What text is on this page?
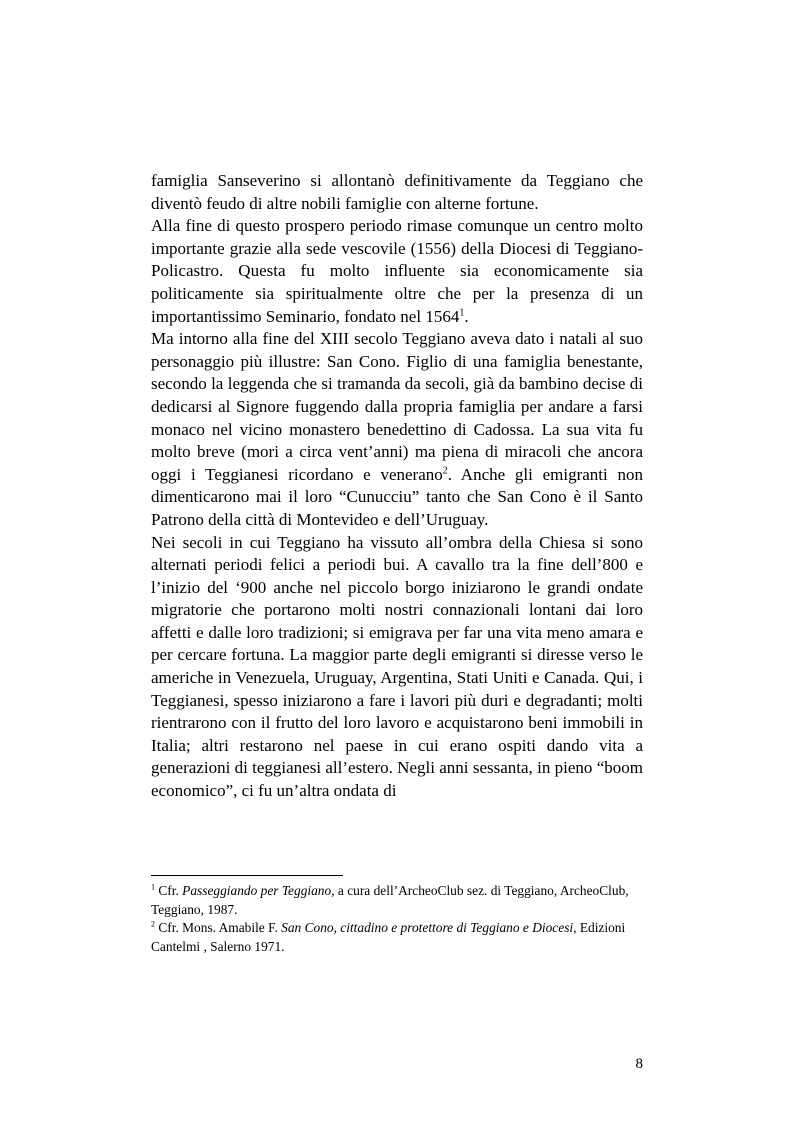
famiglia Sanseverino si allontanò definitivamente da Teggiano che diventò feudo di altre nobili famiglie con alterne fortune.

Alla fine di questo prospero periodo rimase comunque un centro molto importante grazie alla sede vescovile (1556) della Diocesi di Teggiano-Policastro. Questa fu molto influente sia economicamente sia politicamente sia spiritualmente oltre che per la presenza di un importantissimo Seminario, fondato nel 1564$^1$.

Ma intorno alla fine del XIII secolo Teggiano aveva dato i natali al suo personaggio più illustre: San Cono. Figlio di una famiglia benestante, secondo la leggenda che si tramanda da secoli, già da bambino decise di dedicarsi al Signore fuggendo dalla propria famiglia per andare a farsi monaco nel vicino monastero benedettino di Cadossa. La sua vita fu molto breve (mori a circa vent’anni) ma piena di miracoli che ancora oggi i Teggianesi ricordano e venerano$^2$. Anche gli emigranti non dimenticarono mai il loro “Cunucciu” tanto che San Cono è il Santo Patrono della città di Montevideo e dell’Uruguay.

Nei secoli in cui Teggiano ha vissuto all’ombra della Chiesa si sono alternati periodi felici a periodi bui. A cavallo tra la fine dell’800 e l’inizio del ‘900 anche nel piccolo borgo iniziarono le grandi ondate migratorie che portarono molti nostri connazionali lontani dai loro affetti e dalle loro tradizioni; si emigrava per far una vita meno amara e per cercare fortuna. La maggior parte degli emigranti si diresse verso le americhe in Venezuela, Uruguay, Argentina, Stati Uniti e Canada. Qui, i Teggianesi, spesso iniziarono a fare i lavori più duri e degradanti; molti rientrarono con il frutto del loro lavoro e acquistarono beni immobili in Italia; altri restarono nel paese in cui erano ospiti dando vita a generazioni di teggianesi all’estero. Negli anni sessanta, in pieno “boom economico”, ci fu un’altra ondata di

$^1$ Cfr. Passeggiando per Teggiano, a cura dell’ArcheoClub sez. di Teggiano, ArcheoClub, Teggiano, 1987.

$^2$ Cfr. Mons. Amabile F. San Cono, cittadino e protettore di Teggiano e Diocesi, Edizioni Cantelmi , Salerno 1971.

8
